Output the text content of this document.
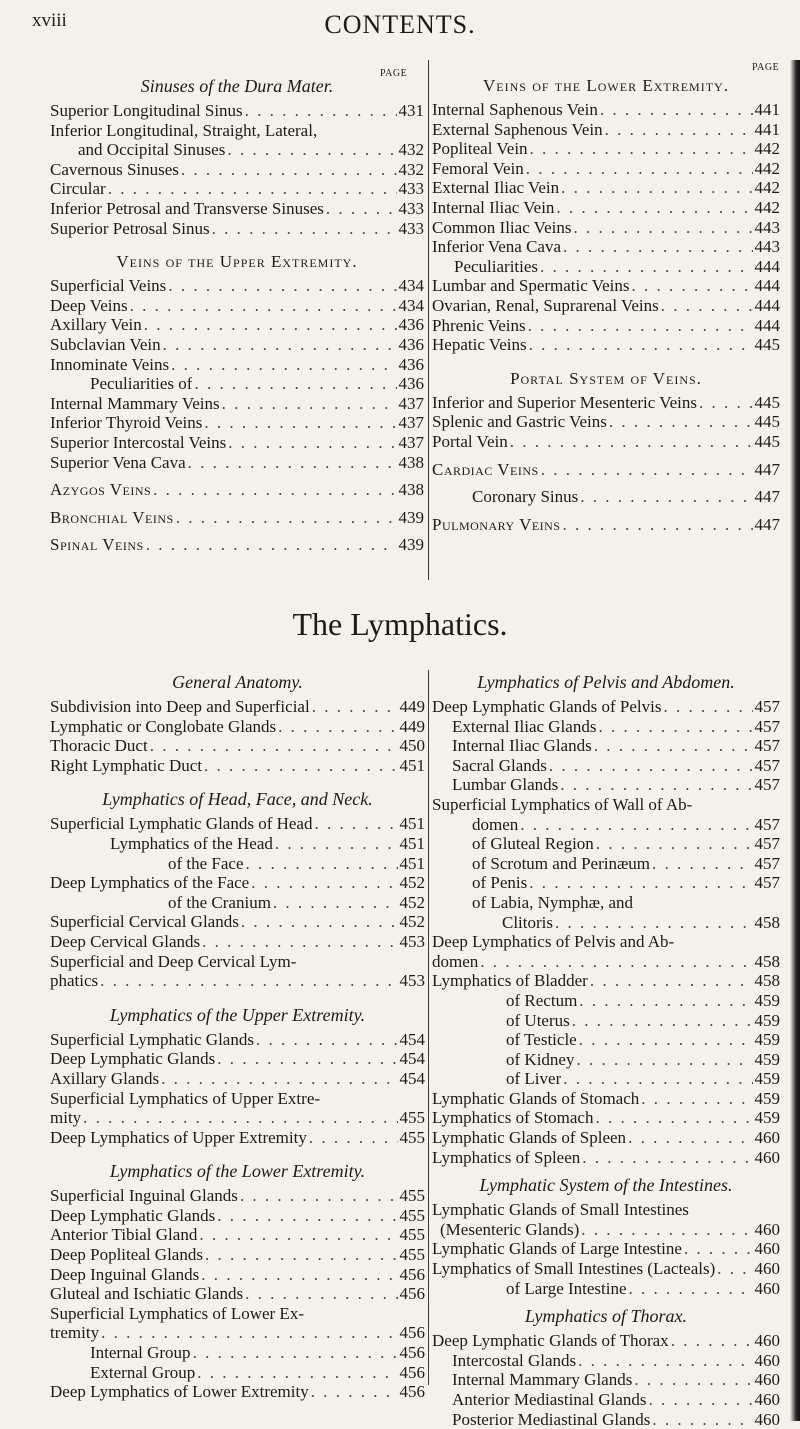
xviii	CONTENTS.
PAGE
PAGE
Sinuses of the Dura Mater.
Superior Longitudinal Sinus . . .	431
Inferior Longitudinal, Straight, Lateral,
and Occipital Sinuses . . .	432
Cavernous Sinuses . . .	432
Circular . . .	433
Inferior Petrosal and Transverse Sinuses . . .	433
Superior Petrosal Sinus . . .	433
Veins of the Upper Extremity.
Superficial Veins . . .	434
Deep Veins . . .	434
Axillary Vein . . .	436
Subclavian Vein . . .	436
Innominate Veins . . .	436
Peculiarities of . . .	436
Internal Mammary Veins . . .	437
Inferior Thyroid Veins . . .	437
Superior Intercostal Veins . . .	437
Superior Vena Cava . . .	438
Azygos Veins . . .	438
Bronchial Veins . . .	439
Spinal Veins . . .	439
Veins of the Lower Extremity.
Internal Saphenous Vein . . .	441
External Saphenous Vein . . .	441
Popliteal Vein . . .	442
Femoral Vein . . .	442
External Iliac Vein . . .	442
Internal Iliac Vein . . .	442
Common Iliac Veins . . .	443
Inferior Vena Cava . . .	443
Peculiarities . . .	444
Lumbar and Spermatic Veins . . .	444
Ovarian, Renal, Suprarenal Veins . . .	444
Phrenic Veins . . .	444
Hepatic Veins . . .	445
Portal System of Veins.
Inferior and Superior Mesenteric Veins . . .	445
Splenic and Gastric Veins . . .	445
Portal Vein . . .	445
Cardiac Veins . . .	447
Coronary Sinus . . .	447
Pulmonary Veins . . .	447
The Lymphatics.
General Anatomy.
Subdivision into Deep and Superficial . . .	449
Lymphatic or Conglobate Glands . . .	449
Thoracic Duct . . .	450
Right Lymphatic Duct . . .	451
Lymphatics of Head, Face, and Neck.
Superficial Lymphatic Glands of Head . . .	451
Lymphatics of the Head . . .	451
of the Face . . .	451
Deep Lymphatics of the Face . . .	452
of the Cranium . . .	452
Superficial Cervical Glands . . .	452
Deep Cervical Glands . . .	453
Superficial and Deep Cervical Lym-
phatics . . .	453
Lymphatics of the Upper Extremity.
Superficial Lymphatic Glands . . .	454
Deep Lymphatic Glands . . .	454
Axillary Glands . . .	454
Superficial Lymphatics of Upper Extre-
mity . . .	455
Deep Lymphatics of Upper Extremity . . .	455
Lymphatics of the Lower Extremity.
Superficial Inguinal Glands . . .	455
Deep Lymphatic Glands . . .	455
Anterior Tibial Gland . . .	455
Deep Popliteal Glands . . .	455
Deep Inguinal Glands . . .	456
Gluteal and Ischiatic Glands . . .	456
Superficial Lymphatics of Lower Ex-
tremity . . .	456
Internal Group . . .	456
External Group . . .	456
Deep Lymphatics of Lower Extremity . . .	456
Lymphatics of Pelvis and Abdomen.
Deep Lymphatic Glands of Pelvis . . .	457
External Iliac Glands . . .	457
Internal Iliac Glands . . .	457
Sacral Glands . . .	457
Lumbar Glands . . .	457
Superficial Lymphatics of Wall of Ab-
domen . . .	457
of Gluteal Region . . .	457
of Scrotum and Perinæum . . .	457
of Penis . . .	457
of Labia, Nymphæ, and
Clitoris . . .	458
Deep Lymphatics of Pelvis and Ab-
domen . . .	458
Lymphatics of Bladder . . .	458
of Rectum . . .	459
of Uterus . . .	459
of Testicle . . .	459
of Kidney . . .	459
of Liver . . .	459
Lymphatic Glands of Stomach . . .	459
Lymphatics of Stomach . . .	459
Lymphatic Glands of Spleen . . .	460
Lymphatics of Spleen . . .	460
Lymphatic System of the Intestines.
Lymphatic Glands of Small Intestines
(Mesenteric Glands) . . .	460
Lymphatic Glands of Large Intestine . . .	460
Lymphatics of Small Intestines (Lacteals) . . . 460
of Large Intestine . . .	460
Lymphatics of Thorax.
Deep Lymphatic Glands of Thorax . . .	460
Intercostal Glands . . .	460
Internal Mammary Glands . . .	460
Anterior Mediastinal Glands . . .	460
Posterior Mediastinal Glands . . .	460
